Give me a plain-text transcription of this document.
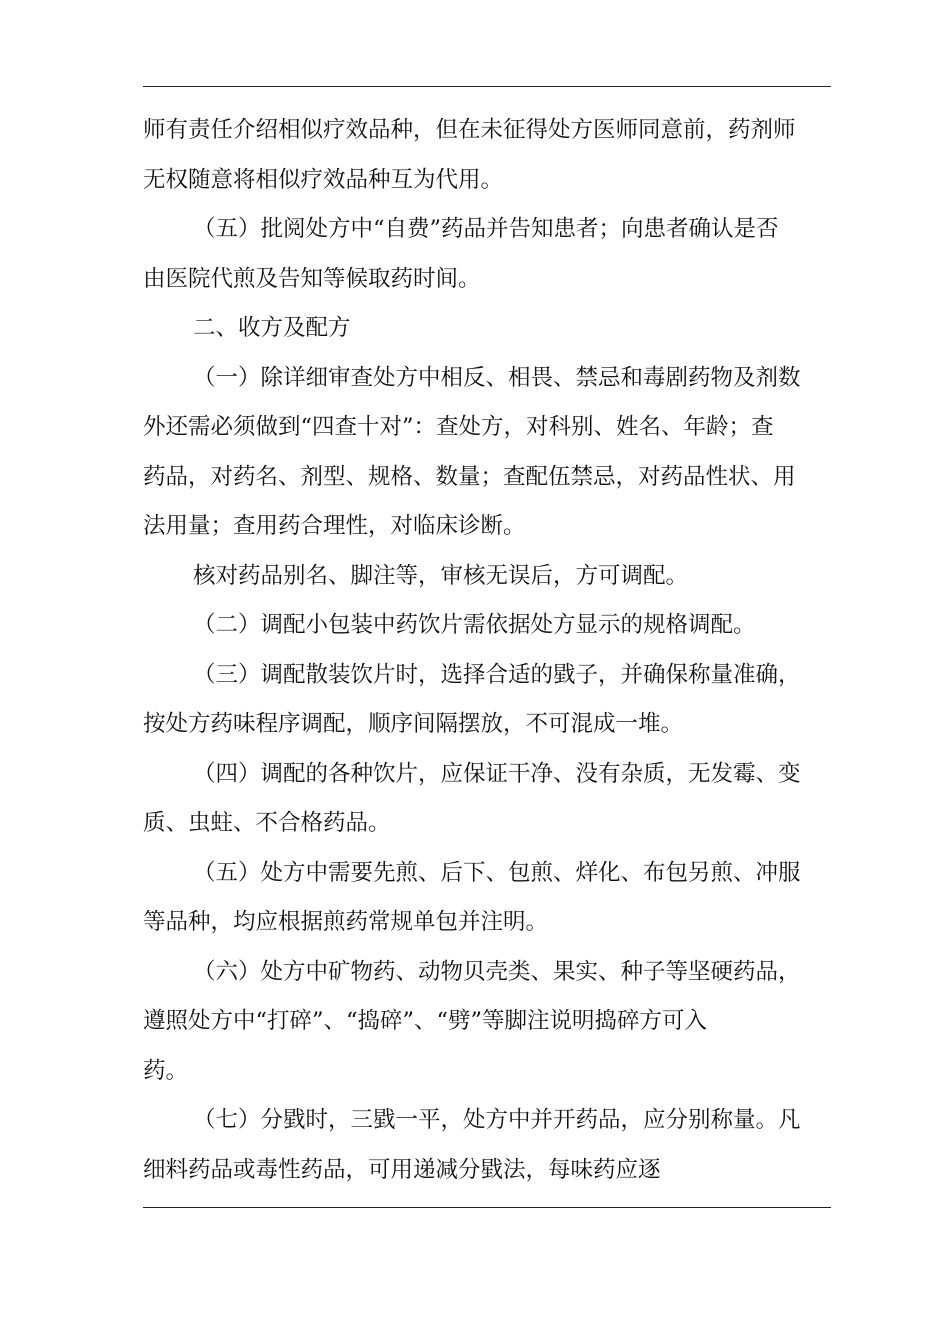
师有责任介绍相似疗效品种，但在未征得处方医师同意前，药剂师
无权随意将相似疗效品种互为代用。
（五）批阅处方中“自费”药品并告知患者；向患者确认是否
由医院代煎及告知等候取药时间。
二、收方及配方
（一）除详细审查处方中相反、相畏、禁忌和毒剧药物及剂数
外还需必须做到“四查十对”：查处方，对科别、姓名、年龄；查
药品，对药名、剂型、规格、数量；查配伍禁忌，对药品性状、用
法用量；查用药合理性，对临床诊断。
核对药品别名、脚注等，审核无误后，方可调配。
（二）调配小包装中药饮片需依据处方显示的规格调配。
（三）调配散装饮片时，选择合适的戥子，并确保称量准确，
按处方药味程序调配，顺序间隔摆放，不可混成一堆。
（四）调配的各种饮片，应保证干净、没有杂质，无发霉、变
质、虫蛀、不合格药品。
（五）处方中需要先煎、后下、包煎、烊化、布包另煎、冲服
等品种，均应根据煎药常规单包并注明。
（六）处方中矿物药、动物贝壳类、果实、种子等坚硬药品，
遵照处方中“打碎”、“捣碎”、“劈”等脚注说明捣碎方可入
药。
（七）分戥时，三戥一平，处方中并开药品，应分别称量。凡
细料药品或毒性药品，可用递减分戥法，每味药应逐
